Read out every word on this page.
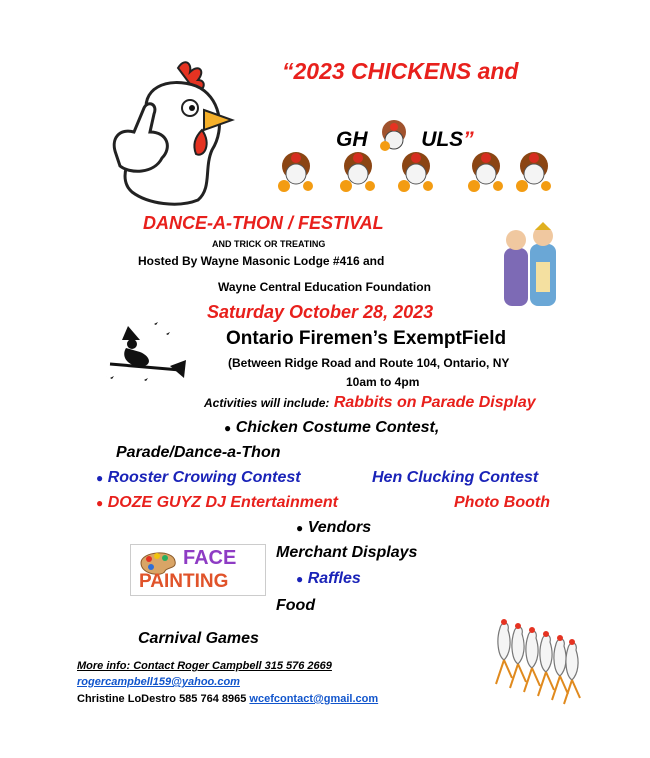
“2023 CHICKENS and
GH	ULS”
DANCE-A-THON / FESTIVAL
AND TRICK OR TREATING
Hosted By Wayne Masonic Lodge #416 and
Wayne Central Education Foundation
Saturday October 28, 2023
Ontario Firemen’s ExemptField
(Between Ridge Road and Route 104, Ontario, NY
10am to 4pm
Activities will include: Rabbits on Parade Display
● Chicken Costume Contest,
Parade/Dance-a-Thon
● Rooster Crowing Contest	Hen Clucking Contest
● DOZE GUYZ DJ Entertainment	Photo Booth
● Vendors
FACE
PAINTING
Merchant Displays
● Raffles
Food
Carnival Games
More info: Contact Roger Campbell 315 576 2669
rogercampbell159@yahoo.com
Christine LoDestro 585 764 8965 wcefcontact@gmail.com
